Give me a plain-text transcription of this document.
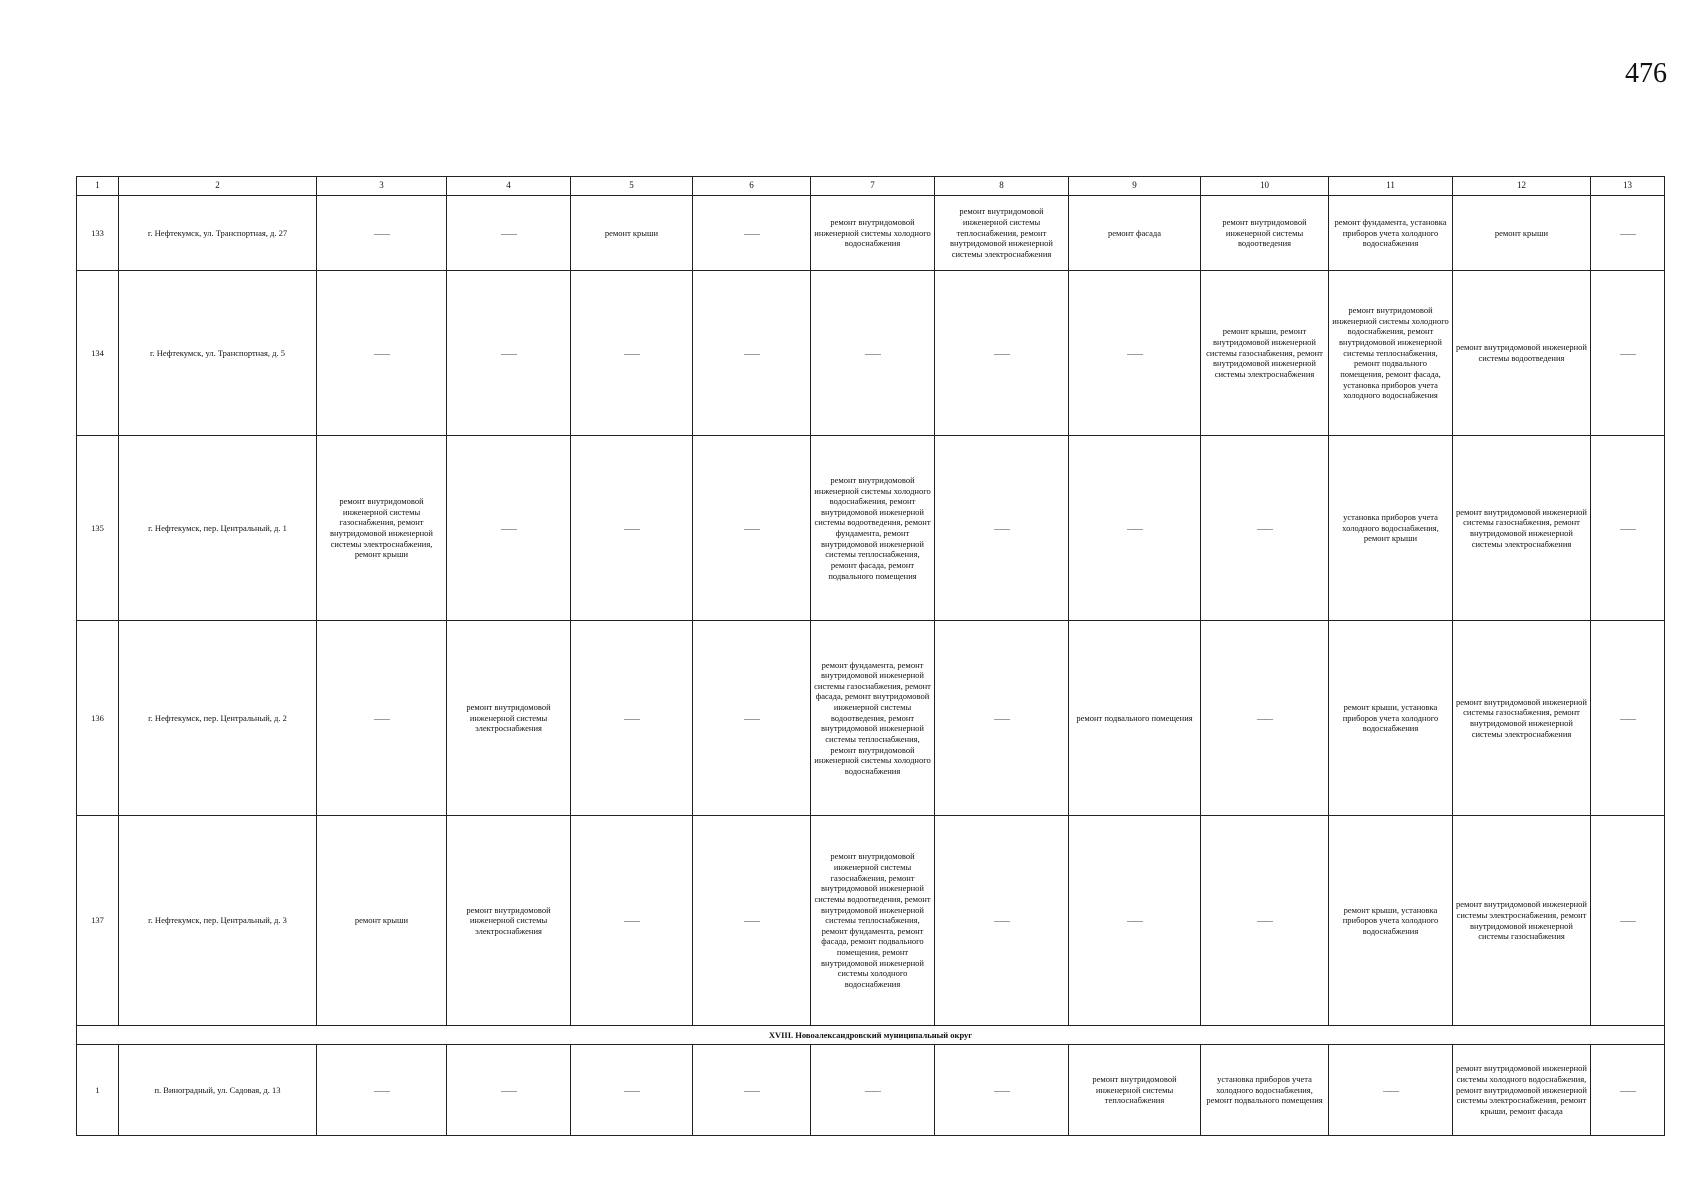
476
1	2	3	4	5	6	7	8	9	10	11	12	13
133	г. Нефтекумск, ул. Транспортная, д. 27	——	——	ремонт крыши	——	ремонт внутридомовой инженерной системы холодного водоснабжения	ремонт внутридомовой инженерной системы теплоснабжения, ремонт внутридомовой инженерной системы электроснабжения	ремонт фасада	ремонт внутридомовой инженерной системы водоотведения	ремонт фундамента, установка приборов учета холодного водоснабжения	ремонт крыши	——
134	г. Нефтекумск, ул. Транспортная, д. 5	——	——	——	——	——	——	——	ремонт крыши, ремонт внутридомовой инженерной системы газоснабжения, ремонт внутридомовой инженерной системы электроснабжения	ремонт внутридомовой инженерной системы холодного водоснабжения, ремонт внутридомовой инженерной системы теплоснабжения, ремонт подвального помещения, ремонт фасада, установка приборов учета холодного водоснабжения	ремонт внутридомовой инженерной системы водоотведения	——
135	г. Нефтекумск, пер. Центральный, д. 1	ремонт внутридомовой инженерной системы газоснабжения, ремонт внутридомовой инженерной системы электроснабжения, ремонт крыши	——	——	——	ремонт внутридомовой инженерной системы холодного водоснабжения, ремонт внутридомовой инженерной системы водоотведения, ремонт фундамента, ремонт внутридомовой инженерной системы теплоснабжения, ремонт фасада, ремонт подвального помещения	——	——	——	установка приборов учета холодного водоснабжения, ремонт крыши	ремонт внутридомовой инженерной системы газоснабжения, ремонт внутридомовой инженерной системы электроснабжения	——
136	г. Нефтекумск, пер. Центральный, д. 2	——	ремонт внутридомовой инженерной системы электроснабжения	——	——	ремонт фундамента, ремонт внутридомовой инженерной системы газоснабжения, ремонт фасада, ремонт внутридомовой инженерной системы водоотведения, ремонт внутридомовой инженерной системы теплоснабжения, ремонт внутридомовой инженерной системы холодного водоснабжения	——	ремонт подвального помещения	——	ремонт крыши, установка приборов учета холодного водоснабжения	ремонт внутридомовой инженерной системы газоснабжения, ремонт внутридомовой инженерной системы электроснабжения	——
137	г. Нефтекумск, пер. Центральный, д. 3	ремонт крыши	ремонт внутридомовой инженерной системы электроснабжения	——	——	ремонт внутридомовой инженерной системы газоснабжения, ремонт внутридомовой инженерной системы водоотведения, ремонт внутридомовой инженерной системы теплоснабжения, ремонт фундамента, ремонт фасада, ремонт подвального помещения, ремонт внутридомовой инженерной системы холодного водоснабжения	——	——	——	ремонт крыши, установка приборов учета холодного водоснабжения	ремонт внутридомовой инженерной системы электроснабжения, ремонт внутридомовой инженерной системы газоснабжения	——
XVIII. Новоалександровский муниципальный округ												
1	п. Виноградный, ул. Садовая, д. 13	——	——	——	——	——	——	ремонт внутридомовой инженерной системы теплоснабжения	установка приборов учета холодного водоснабжения, ремонт подвального помещения	——	ремонт внутридомовой инженерной системы холодного водоснабжения, ремонт внутридомовой инженерной системы электроснабжения, ремонт крыши, ремонт фасада	——
